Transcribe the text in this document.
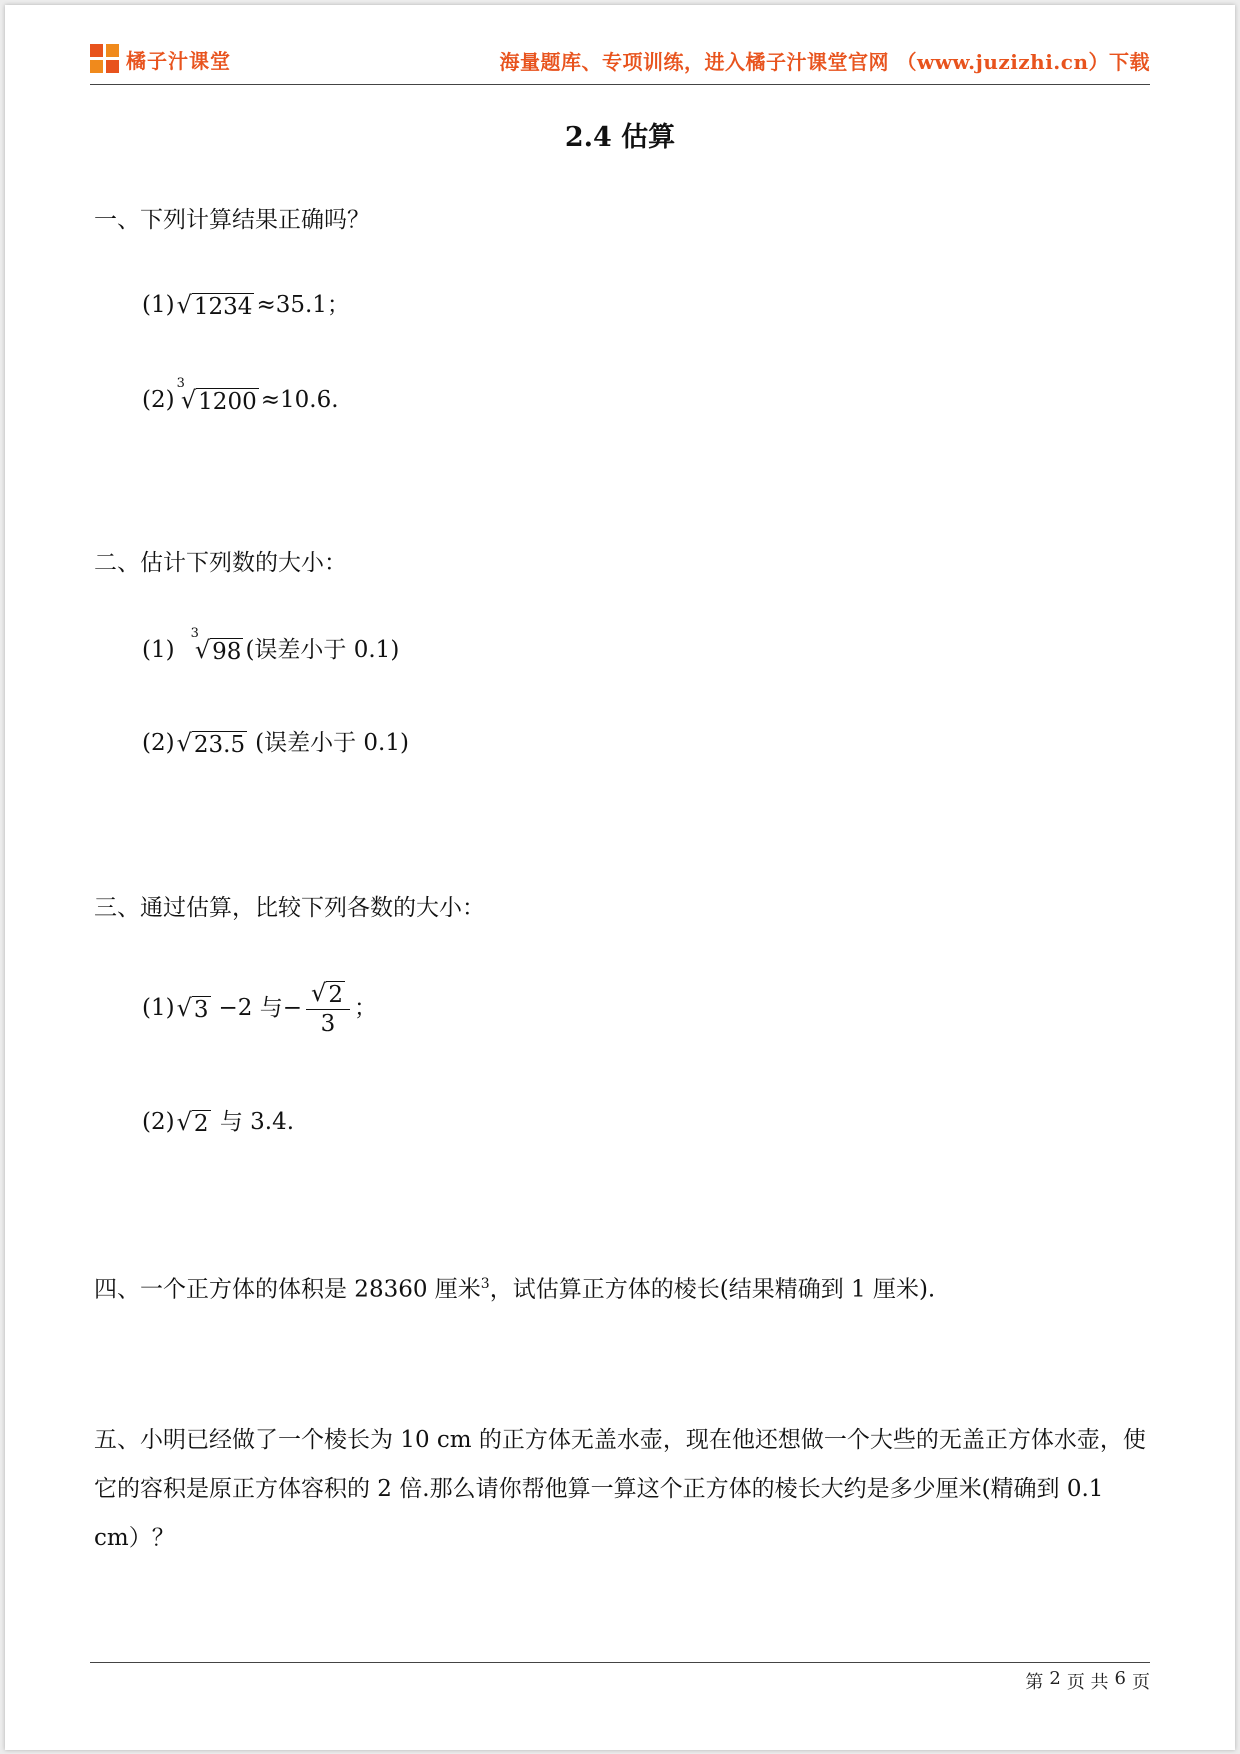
橘子汁课堂	海量题库、专项训练，进入橘子汁课堂官网 （www.juzizhi.cn）下载
2.4 估算
一、下列计算结果正确吗？
(1) √ 1234 ≈35.1；
(2)
3
√ 1200 ≈10.6.
二、估计下列数的大小：
(1)
3
√ 98 (误差小于 0.1)
(2) √ 23.5 (误差小于 0.1)
三、通过估算，比较下列各数的大小：
(1) √ 3 −2 与− $\frac{√ 2}{3}$ ；
(2) √ 2 与 3.4.
四、一个正方体的体积是 28360 厘米$^3$，试估算正方体的棱长(结果精确到 1 厘米).
五、小明已经做了一个棱长为 10 cm 的正方体无盖水壶，现在他还想做一个大些的无盖正方体水壶，使它的容积是原正方体容积的 2 倍.那么请你帮他算一算这个正方体的棱长大约是多少厘米(精确到 0.1 cm）？
第 2 页 共 6 页
